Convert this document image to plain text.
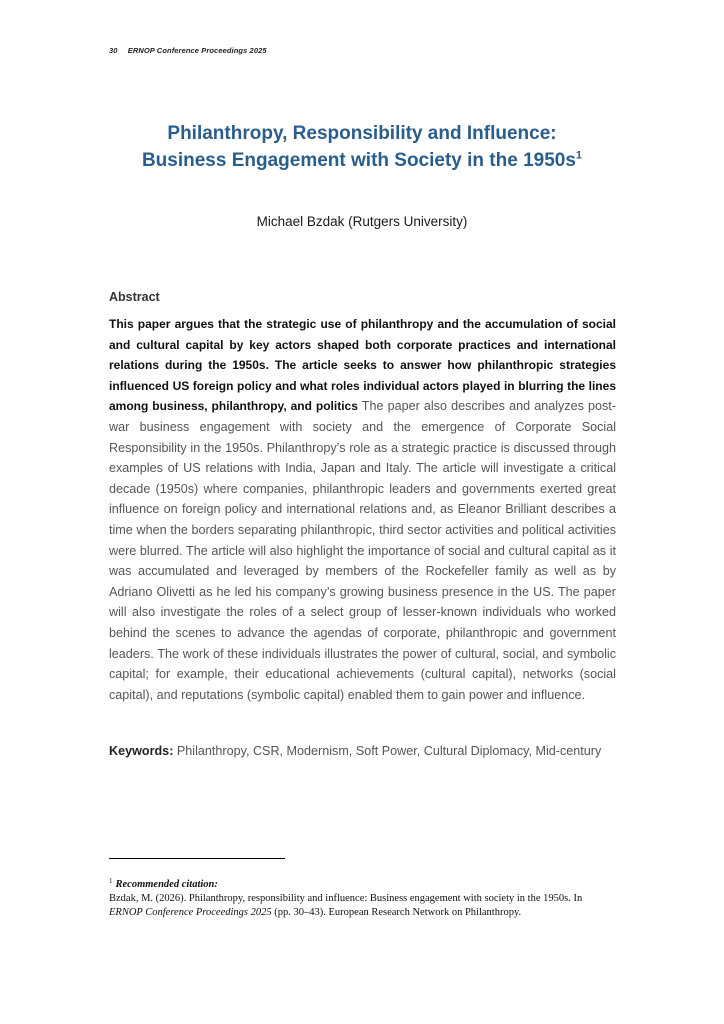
30 ERNOP Conference Proceedings 2025
Philanthropy, Responsibility and Influence:
Business Engagement with Society in the $1950s^1$
Michael Bzdak (Rutgers University)
Abstract
This paper argues that the strategic use of philanthropy and the accumulation of social and cultural capital by key actors shaped both corporate practices and international relations during the 1950s. The article seeks to answer how philanthropic strategies influenced US foreign policy and what roles individual actors played in blurring the lines among business, philanthropy, and politics The paper also describes and analyzes post-war business engagement with society and the emergence of Corporate Social Responsibility in the 1950s. Philanthropy’s role as a strategic practice is discussed through examples of US relations with India, Japan and Italy. The article will investigate a critical decade (1950s) where companies, philanthropic leaders and governments exerted great influence on foreign policy and international relations and, as Eleanor Brilliant describes a time when the borders separating philanthropic, third sector activities and political activities were blurred. The article will also highlight the importance of social and cultural capital as it was accumulated and leveraged by members of the Rockefeller family as well as by Adriano Olivetti as he led his company’s growing business presence in the US. The paper will also investigate the roles of a select group of lesser-known individuals who worked behind the scenes to advance the agendas of corporate, philanthropic and government leaders. The work of these individuals illustrates the power of cultural, social, and symbolic capital; for example, their educational achievements (cultural capital), networks (social capital), and reputations (symbolic capital) enabled them to gain power and influence.
Keywords: Philanthropy, CSR, Modernism, Soft Power, Cultural Diplomacy, Mid-century
$^1$ Recommended citation:
Bzdak, M. (2026). Philanthropy, responsibility and influence: Business engagement with society in the 1950s. In ERNOP Conference Proceedings 2025 (pp. 30–43). European Research Network on Philanthropy.
